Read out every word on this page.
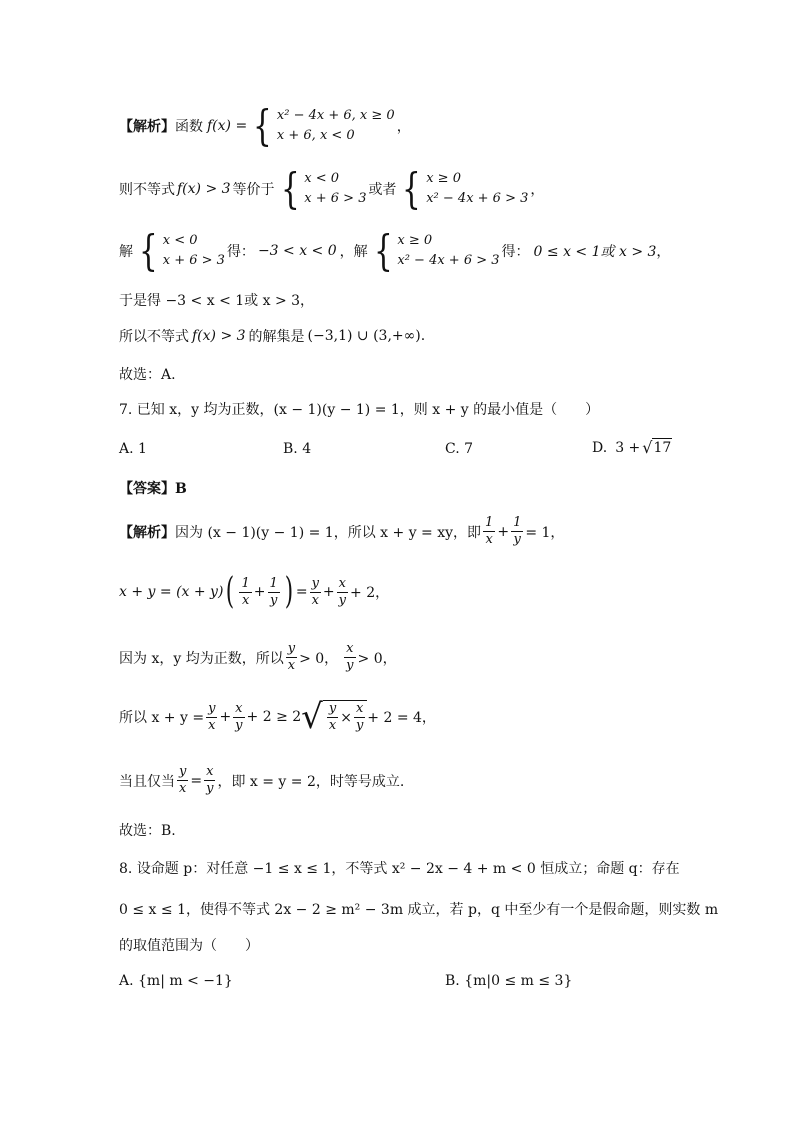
【解析】 函数 f(x) = { x² − 4x + 6, x ≥ 0
x + 6, x < 0
，
则不等式 f(x) > 3 等价于 { x < 0
x + 6 > 3
或者 { x ≥ 0
x² − 4x + 6 > 3
，
解 { x < 0
x + 6 > 3
得： −3 < x < 0 ，解 { x ≥ 0
x² − 4x + 6 > 3
得： 0 ≤ x < 1或 x > 3 ，
于是得 −3 < x < 1或 x > 3，
所以不等式 f(x) > 3 的解集是 (−3,1) ∪ (3,+∞).
故选：A.
7. 已知 x，y 均为正数，(x − 1)(y − 1) = 1，则 x + y 的最小值是（　　）
A. 1	B. 4	C. 7	D. 3 + √ 17
【答案】B
【解析】 因为 (x − 1)(y − 1) = 1，所以 x + y = xy，即 $\frac{1}{x} + \frac{1}{y} = 1$，
x + y = (x + y) ( $\frac{1}{x} + \frac{1}{y}$ ) = $\frac{y}{x} + \frac{x}{y} + 2$，
因为 x，y 均为正数，所以 $\frac{y}{x} > 0$， $\frac{x}{y} > 0$，
所以 $x + y = \frac{y}{x} + \frac{x}{y} + 2 \ge 2$ √ $\frac{y}{x} \times \frac{x}{y} + 2 = 4$，
当且仅当 $\frac{y}{x} = \frac{x}{y}$ ，即 x = y = 2，时等号成立.
故选：B.
8. 设命题 p：对任意 −1 ≤ x ≤ 1，不等式 x² − 2x − 4 + m < 0 恒成立；命题 q：存在
0 ≤ x ≤ 1，使得不等式 2x − 2 ≥ m² − 3m 成立，若 p，q 中至少有一个是假命题，则实数 m
的取值范围为（　　）
A. {m| m < −1}	B. {m|0 ≤ m ≤ 3}
